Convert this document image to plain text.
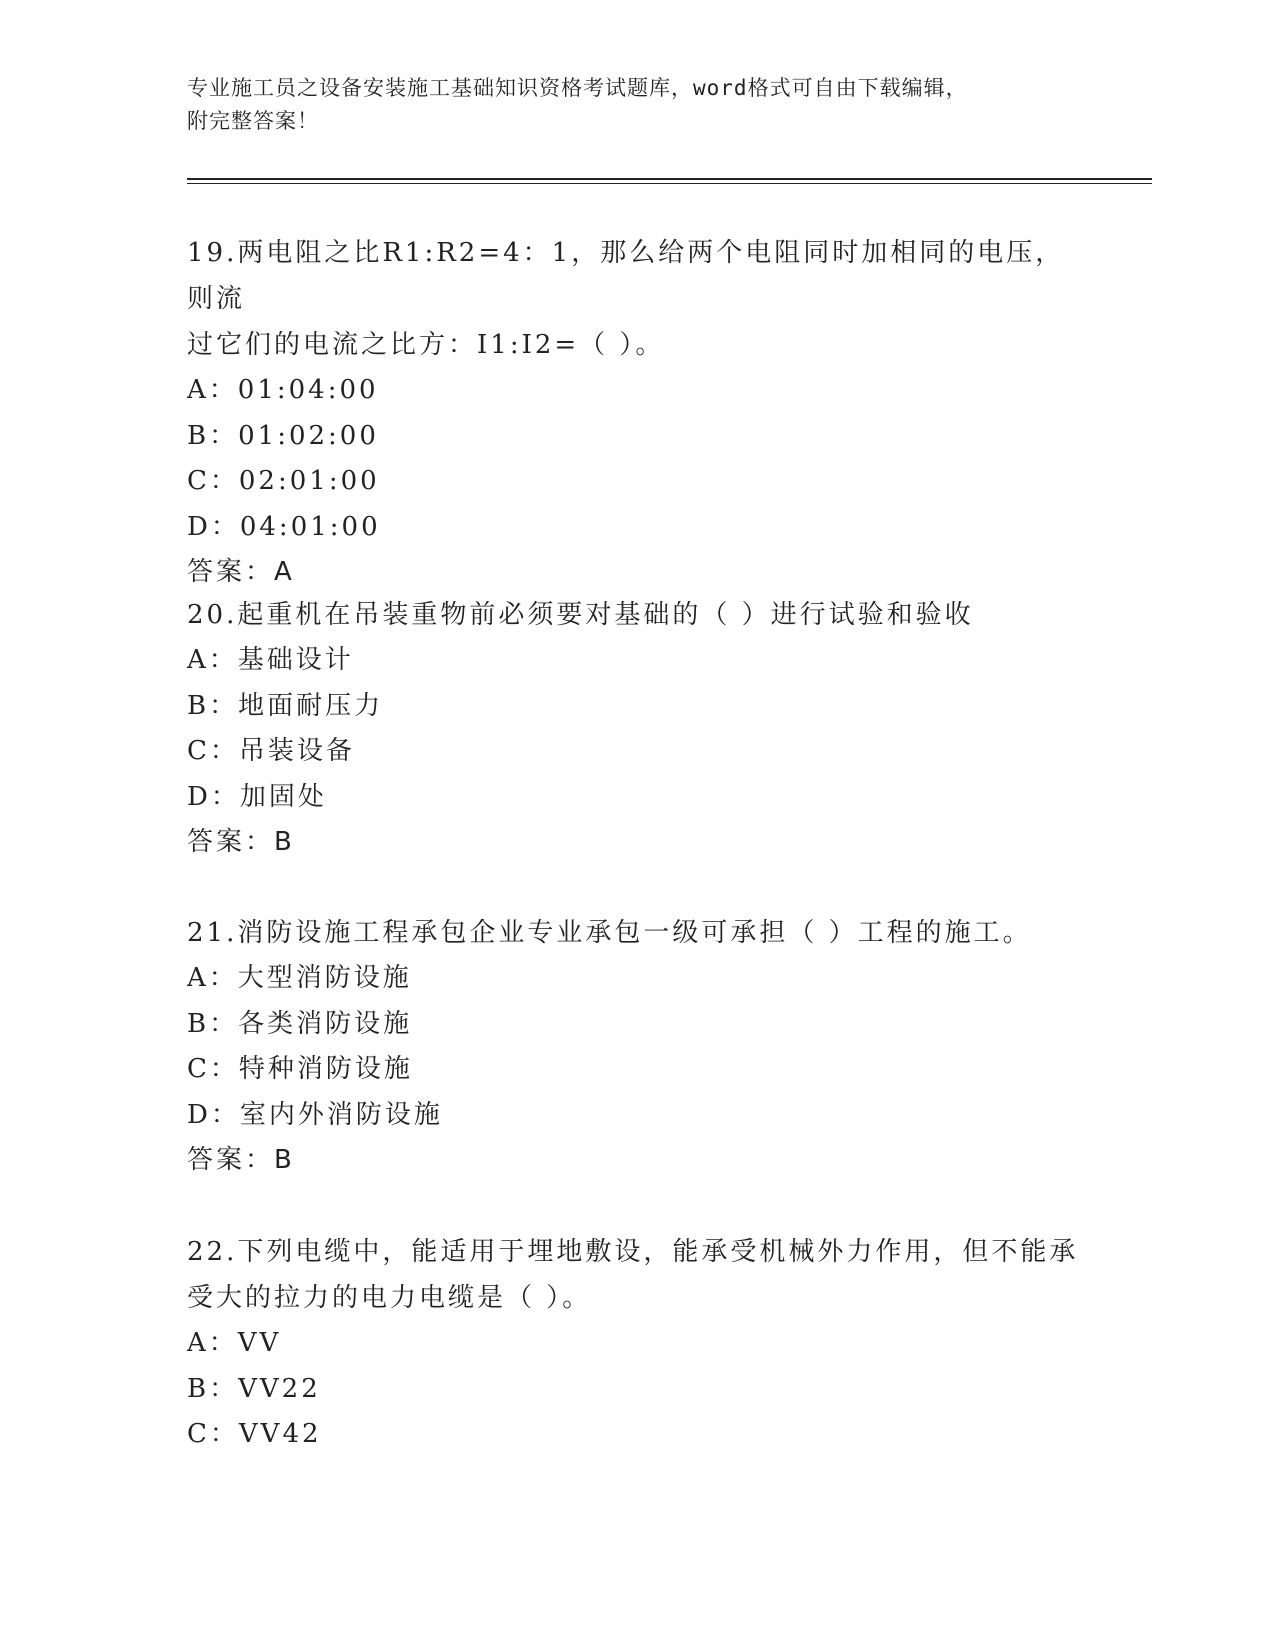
专业施工员之设备安装施工基础知识资格考试题库，word格式可自由下载编辑，
附完整答案！
19.两电阻之比R1:R2=4：1，那么给两个电阻同时加相同的电压，则流
过它们的电流之比方：I1:I2=（ ）。
A：01:04:00
B：01:02:00
C：02:01:00
D：04:01:00
答案：A
20.起重机在吊装重物前必须要对基础的（ ）进行试验和验收
A：基础设计
B：地面耐压力
C：吊装设备
D：加固处
答案：B
21.消防设施工程承包企业专业承包一级可承担（ ）工程的施工。
A：大型消防设施
B：各类消防设施
C：特种消防设施
D：室内外消防设施
答案：B
22.下列电缆中，能适用于埋地敷设，能承受机械外力作用，但不能承
受大的拉力的电力电缆是（ ）。
A：VV
B：VV22
C：VV42
